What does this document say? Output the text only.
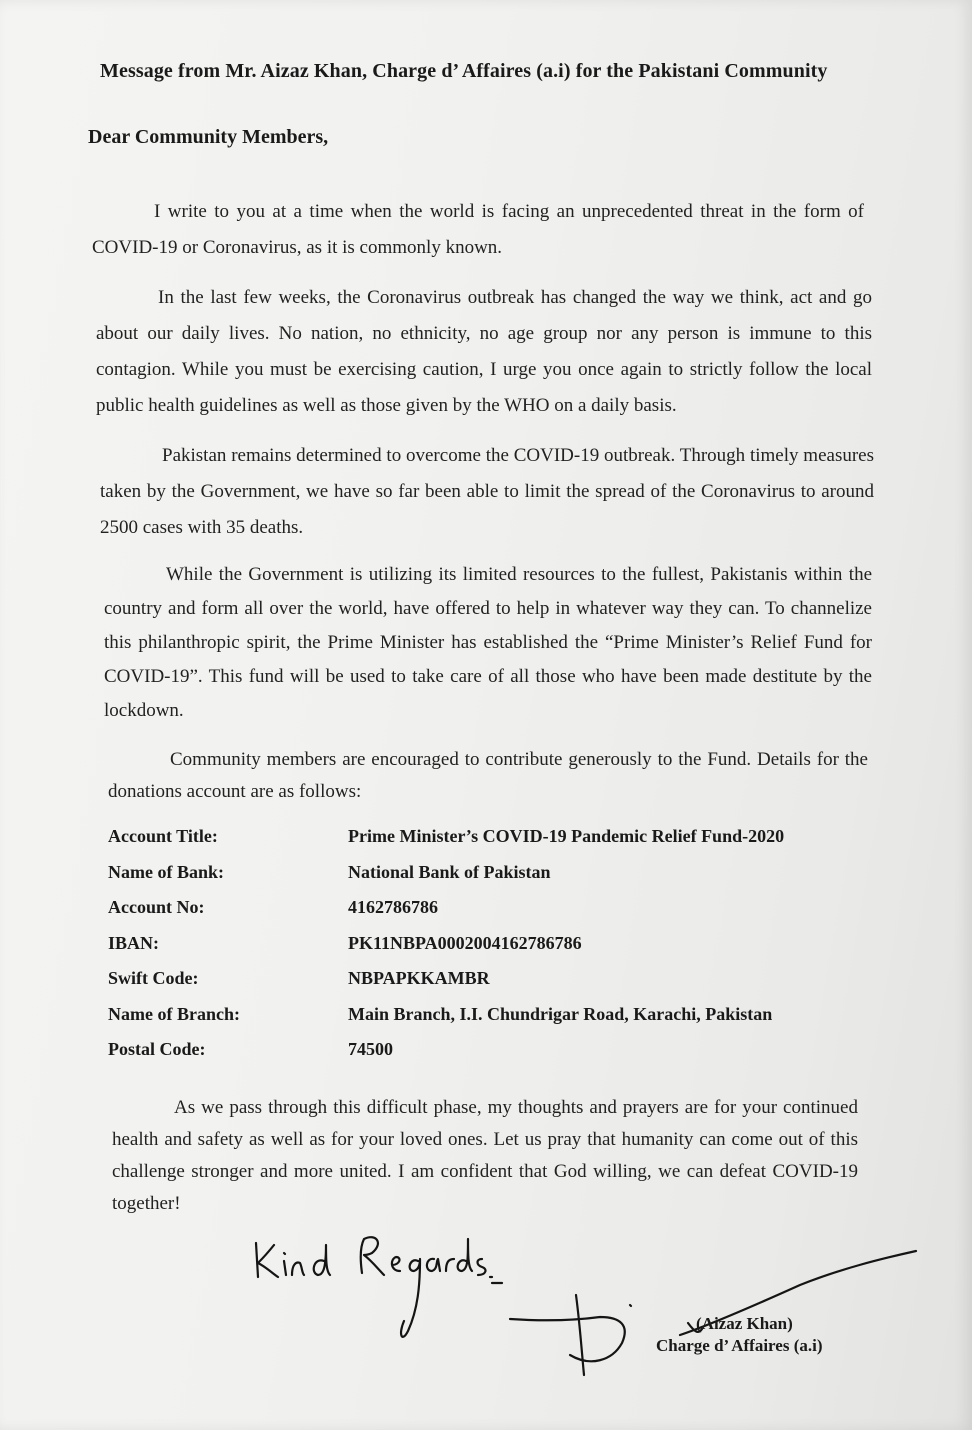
Message from Mr. Aizaz Khan, Charge d’ Affaires (a.i) for the Pakistani Community
Dear Community Members,

I write to you at a time when the world is facing an unprecedented threat in the form of COVID-19 or Coronavirus, as it is commonly known.

In the last few weeks, the Coronavirus outbreak has changed the way we think, act and go about our daily lives. No nation, no ethnicity, no age group nor any person is immune to this contagion. While you must be exercising caution, I urge you once again to strictly follow the local public health guidelines as well as those given by the WHO on a daily basis.

Pakistan remains determined to overcome the COVID-19 outbreak. Through timely measures taken by the Government, we have so far been able to limit the spread of the Coronavirus to around 2500 cases with 35 deaths.

While the Government is utilizing its limited resources to the fullest, Pakistanis within the country and form all over the world, have offered to help in whatever way they can. To channelize this philanthropic spirit, the Prime Minister has established the “Prime Minister’s Relief Fund for COVID-19”. This fund will be used to take care of all those who have been made destitute by the lockdown.

Community members are encouraged to contribute generously to the Fund. Details for the donations account are as follows:

Account Title:	Prime Minister’s COVID-19 Pandemic Relief Fund-2020
Name of Bank:	National Bank of Pakistan
Account No:	4162786786
IBAN:	PK11NBPA0002004162786786
Swift Code:	NBPAPKKAMBR
Name of Branch:	Main Branch, I.I. Chundrigar Road, Karachi, Pakistan
Postal Code:	74500

As we pass through this difficult phase, my thoughts and prayers are for your continued health and safety as well as for your loved ones. Let us pray that humanity can come out of this challenge stronger and more united. I am confident that God willing, we can defeat COVID-19 together!

(Aizaz Khan)
Charge d’ Affaires (a.i)
